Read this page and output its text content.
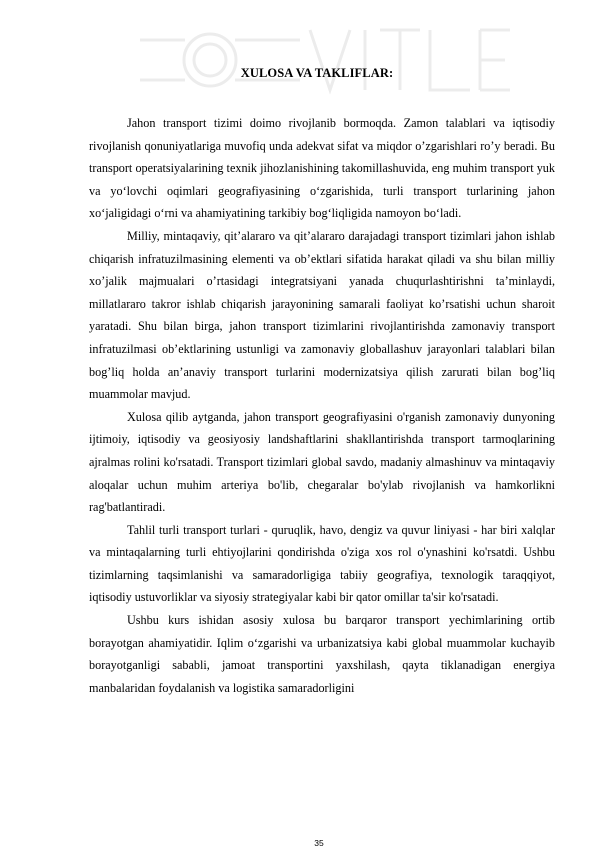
XULOSA VA TAKLIFLAR:

Jahon transport tizimi doimo rivojlanib bormoqda. Zamon talablari va iqtisodiy rivojlanish qonuniyatlariga muvofiq unda adekvat sifat va miqdor o’zgarishlari ro’y beradi. Bu transport operatsiyalarining texnik jihozlanishining takomillashuvida, eng muhim transport yuk va yo‘lovchi oqimlari geografiyasining o‘zgarishida, turli transport turlarining jahon xo‘jaligidagi o‘rni va ahamiyatining tarkibiy bog‘liqligida namoyon bo‘ladi.

Milliy, mintaqaviy, qit’alararo va qit’alararo darajadagi transport tizimlari jahon ishlab chiqarish infratuzilmasining elementi va ob’ektlari sifatida harakat qiladi va shu bilan milliy xo’jalik majmualari o’rtasidagi integratsiyani yanada chuqurlashtirishni ta’minlaydi, millatlararo takror ishlab chiqarish jarayonining samarali faoliyat ko’rsatishi uchun sharoit yaratadi. Shu bilan birga, jahon transport tizimlarini rivojlantirishda zamonaviy transport infratuzilmasi ob’ektlarining ustunligi va zamonaviy globallashuv jarayonlari talablari bilan bog’liq holda an’anaviy transport turlarini modernizatsiya qilish zarurati bilan bog’liq muammolar mavjud.

Xulosa qilib aytganda, jahon transport geografiyasini o'rganish zamonaviy dunyoning ijtimoiy, iqtisodiy va geosiyosiy landshaftlarini shakllantirishda transport tarmoqlarining ajralmas rolini ko'rsatadi. Transport tizimlari global savdo, madaniy almashinuv va mintaqaviy aloqalar uchun muhim arteriya bo'lib, chegaralar bo'ylab rivojlanish va hamkorlikni rag'batlantiradi.

Tahlil turli transport turlari - quruqlik, havo, dengiz va quvur liniyasi - har biri xalqlar va mintaqalarning turli ehtiyojlarini qondirishda o'ziga xos rol o'ynashini ko'rsatdi. Ushbu tizimlarning taqsimlanishi va samaradorligiga tabiiy geografiya, texnologik taraqqiyot, iqtisodiy ustuvorliklar va siyosiy strategiyalar kabi bir qator omillar ta'sir ko'rsatadi.

Ushbu kurs ishidan asosiy xulosa bu barqaror transport yechimlarining ortib borayotgan ahamiyatidir. Iqlim o‘zgarishi va urbanizatsiya kabi global muammolar kuchayib borayotganligi sababli, jamoat transportini yaxshilash, qayta tiklanadigan energiya manbalaridan foydalanish va logistika samaradorligini

35
